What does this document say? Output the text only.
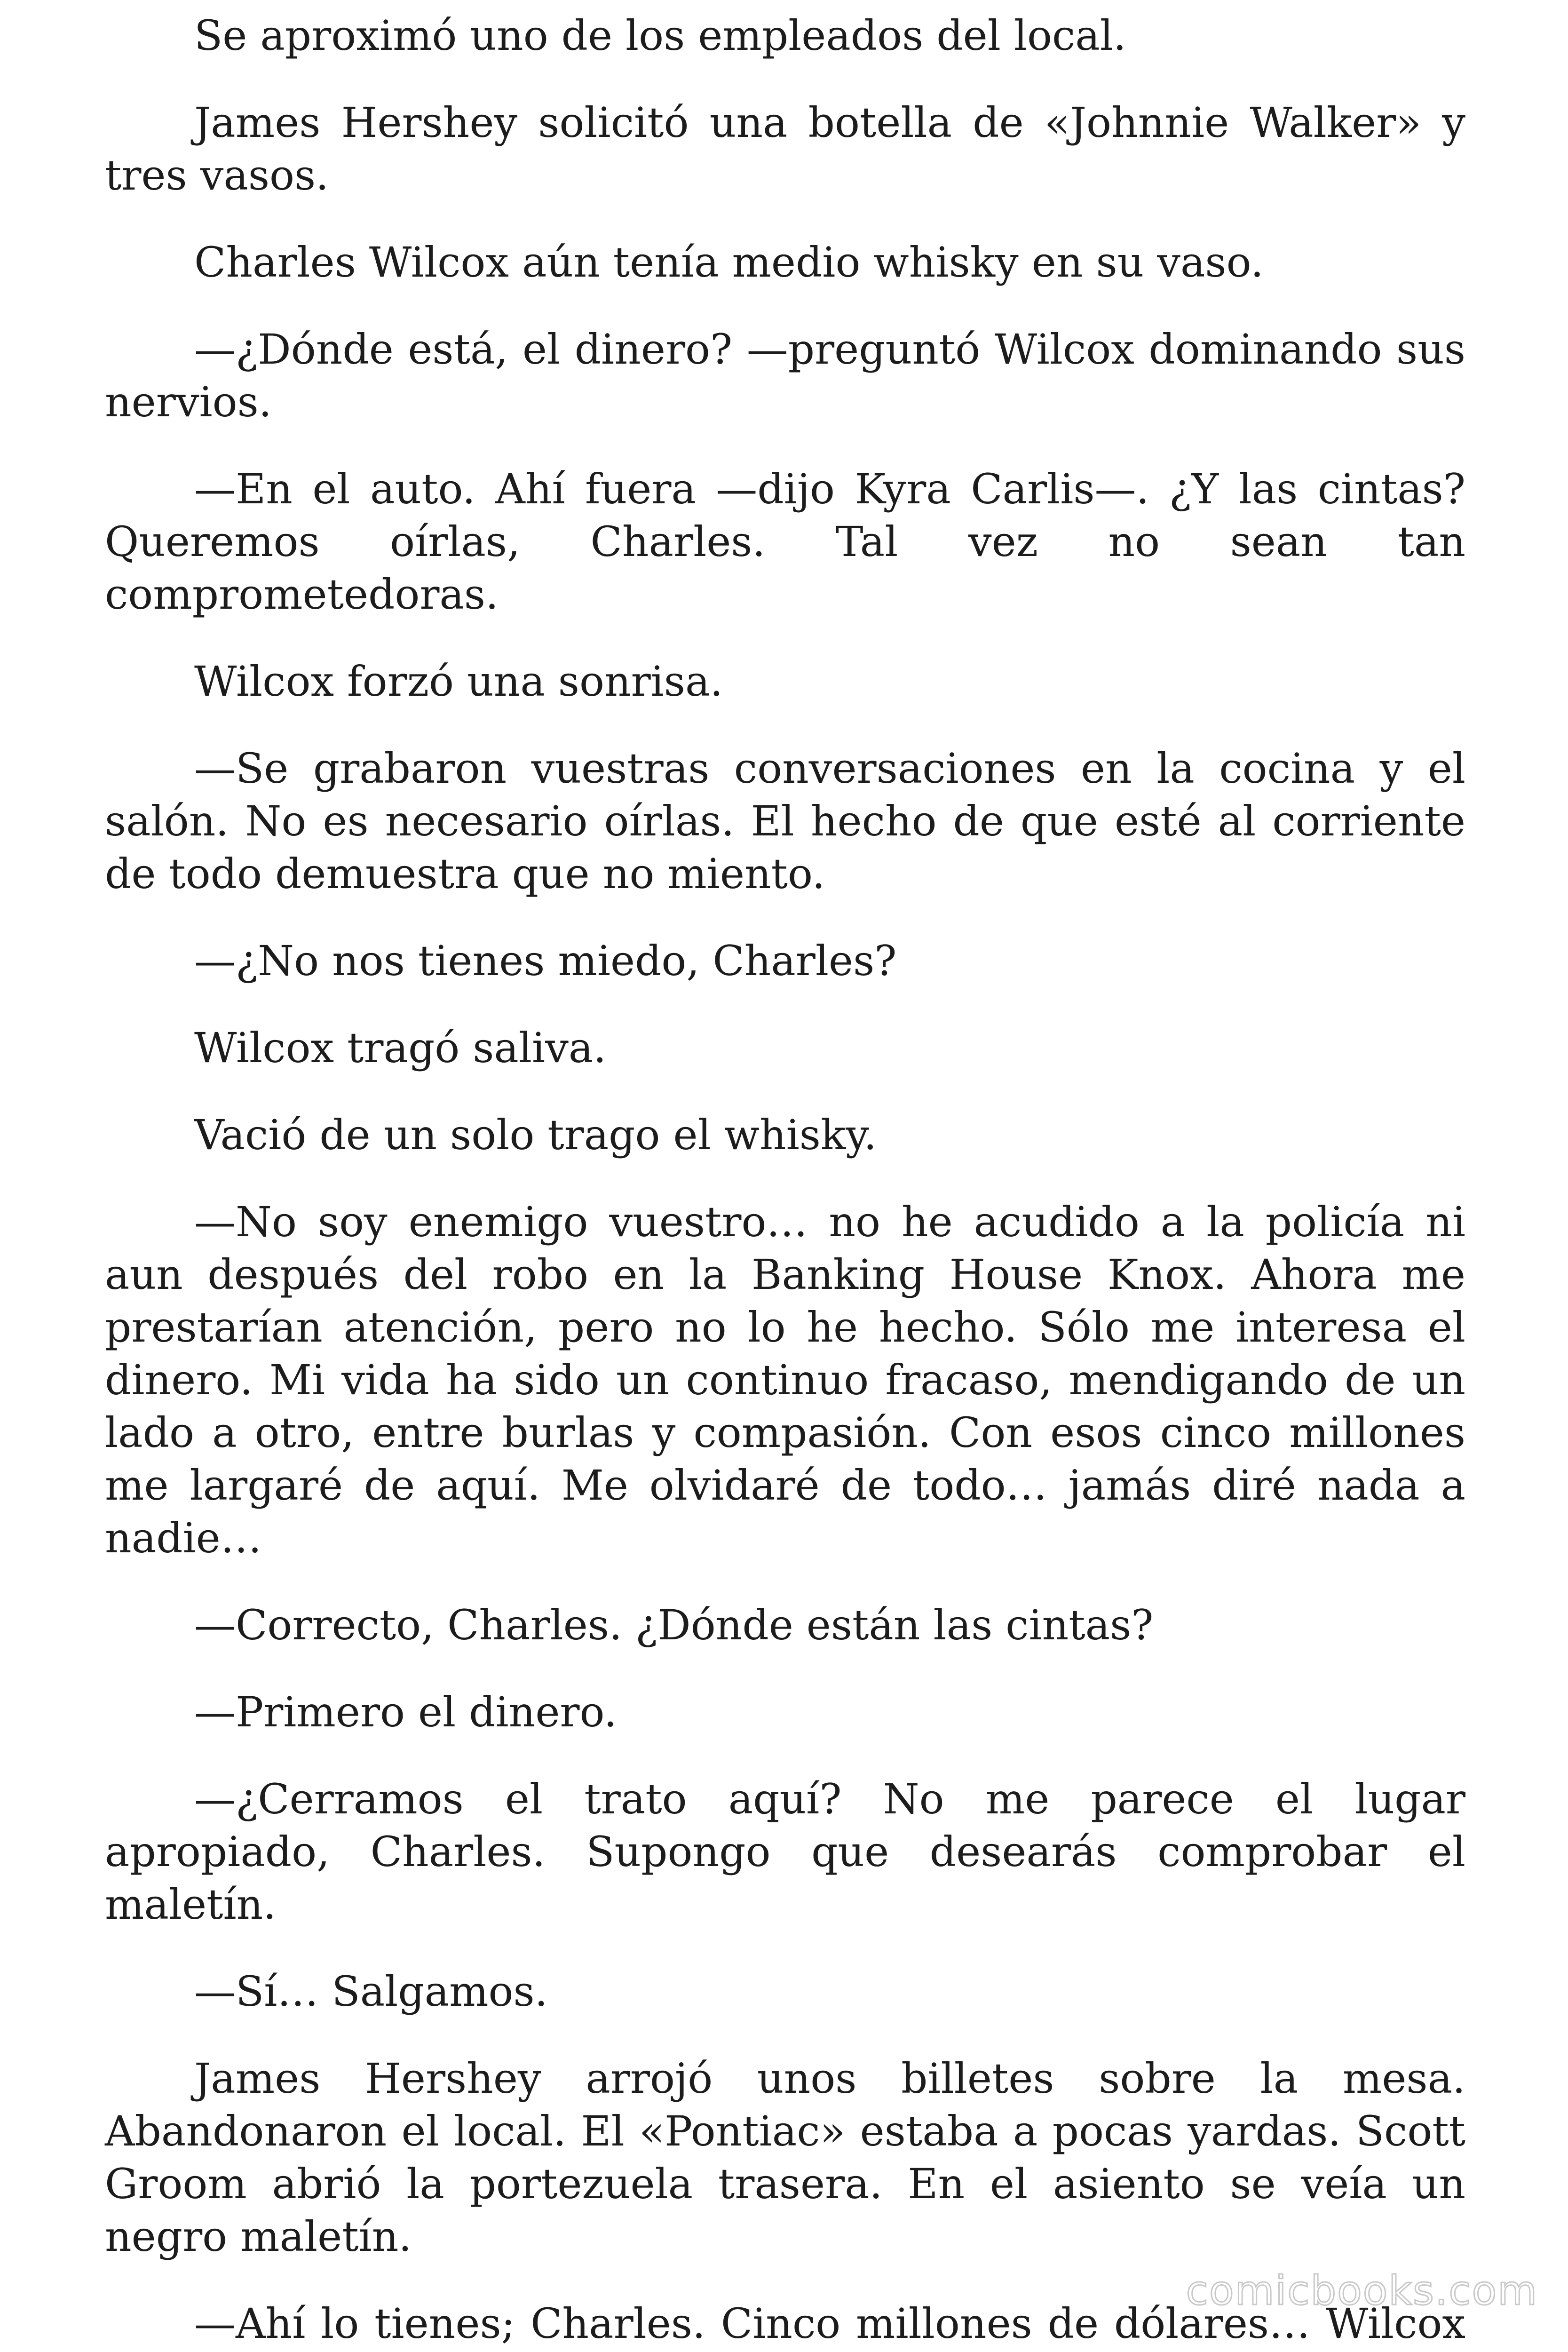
Se aproximó uno de los empleados del local.

James Hershey solicitó una botella de «Johnnie Walker» y tres vasos.

Charles Wilcox aún tenía medio whisky en su vaso.

—¿Dónde está, el dinero? —preguntó Wilcox dominando sus nervios.

—En el auto. Ahí fuera —dijo Kyra Carlis—. ¿Y las cintas? Queremos oírlas, Charles. Tal vez no sean tan comprometedoras.

Wilcox forzó una sonrisa.

—Se grabaron vuestras conversaciones en la cocina y el salón. No es necesario oírlas. El hecho de que esté al corriente de todo demuestra que no miento.

—¿No nos tienes miedo, Charles?

Wilcox tragó saliva.

Vació de un solo trago el whisky.

—No soy enemigo vuestro… no he acudido a la policía ni aun después del robo en la Banking House Knox. Ahora me prestarían atención, pero no lo he hecho. Sólo me interesa el dinero. Mi vida ha sido un continuo fracaso, mendigando de un lado a otro, entre burlas y compasión. Con esos cinco millones me largaré de aquí. Me olvidaré de todo… jamás diré nada a nadie…

—Correcto, Charles. ¿Dónde están las cintas?

—Primero el dinero.

—¿Cerramos el trato aquí? No me parece el lugar apropiado, Charles. Supongo que desearás comprobar el maletín.

—Sí… Salgamos.

James Hershey arrojó unos billetes sobre la mesa. Abandonaron el local. El «Pontiac» estaba a pocas yardas. Scott Groom abrió la portezuela trasera. En el asiento se veía un negro maletín.

—Ahí lo tienes; Charles. Cinco millones de dólares… Wilcox

comicbooks.com
